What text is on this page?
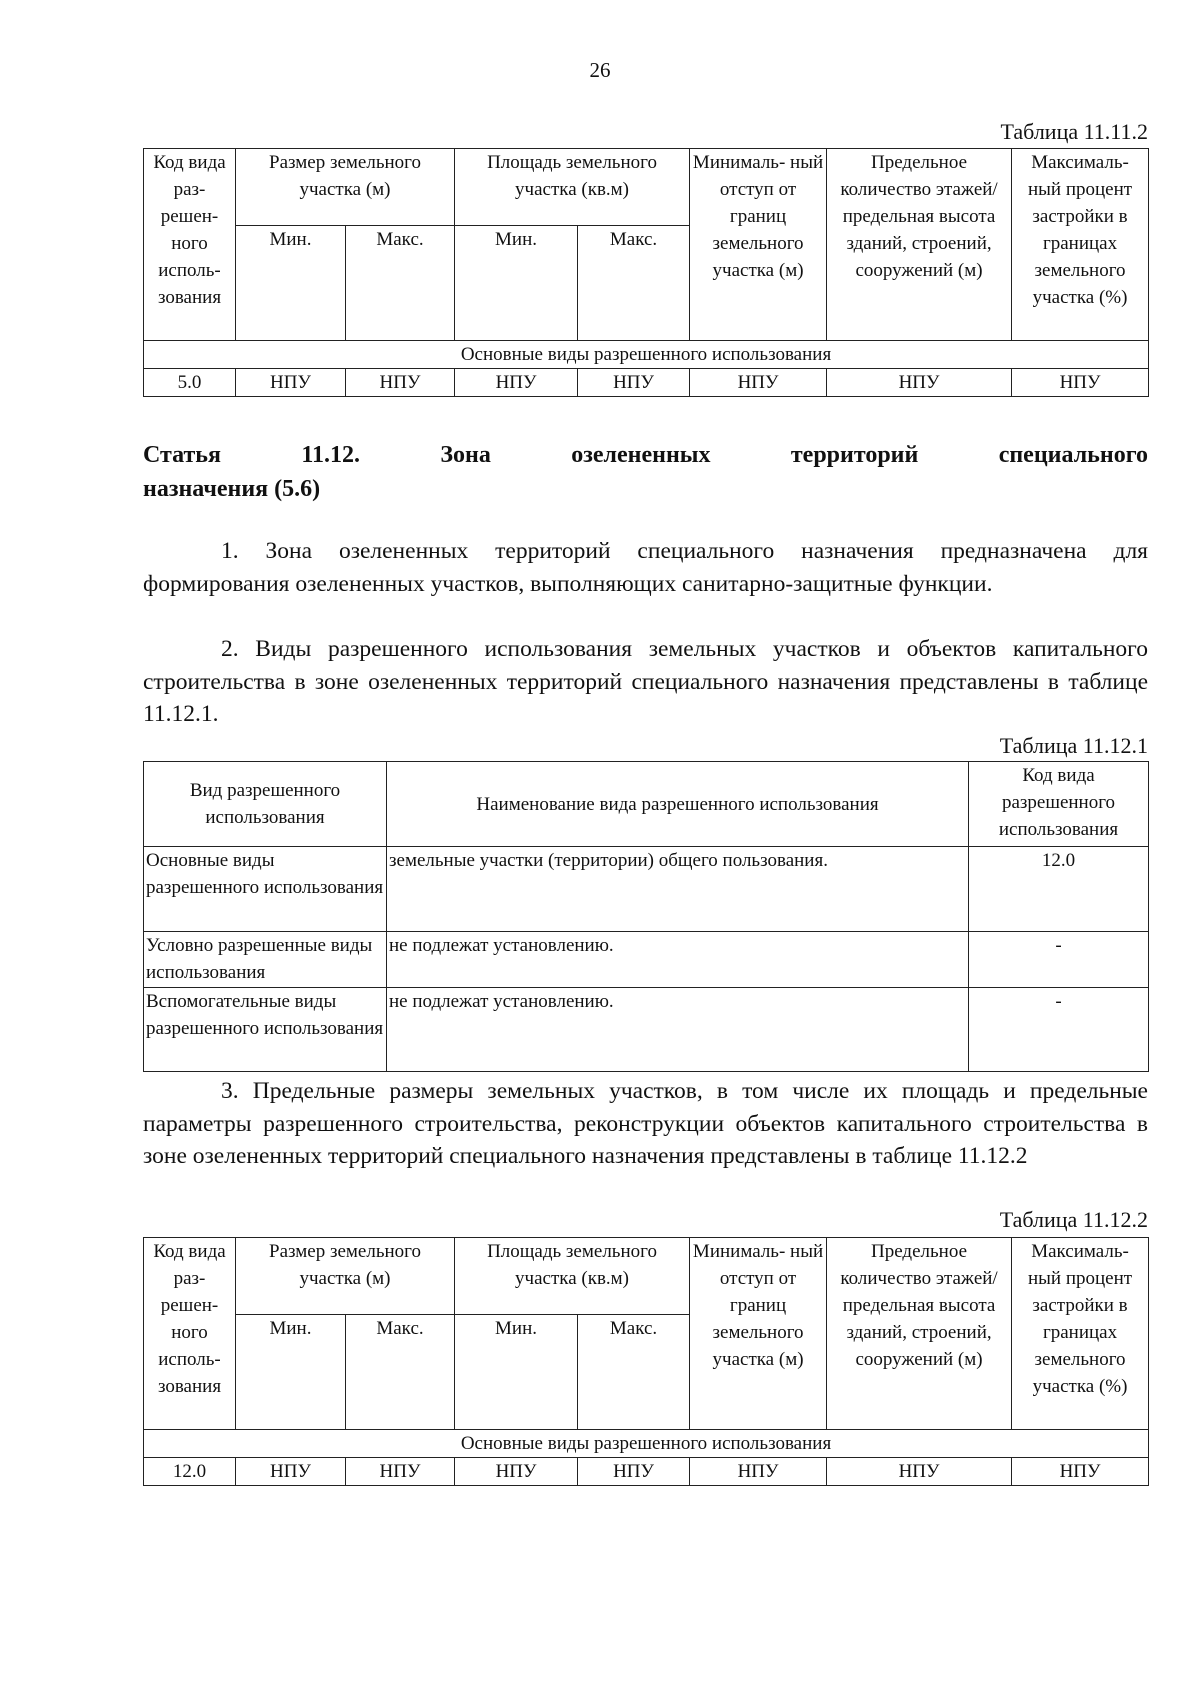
26
Таблица 11.11.2
Код вида раз- решен- ного исполь- зования	Размер земельного участка (м)		Площадь земельного участка (кв.м)		Минималь- ный отступ от границ земельного участка (м)	Предельное количество этажей/ предельная высота зданий, строений, сооружений (м)	Максималь- ный процент застройки в границах земельного участка (%)
	Мин.	Макс.	Мин.	Макс.			
Основные виды разрешенного использования							
5.0	НПУ	НПУ	НПУ	НПУ	НПУ	НПУ	НПУ
Статья 11.12. Зона озелененных территорий специального
назначения (5.6)
1. Зона озелененных территорий специального назначения предназначена для формирования озелененных участков, выполняющих санитарно-защитные функции.
2. Виды разрешенного использования земельных участков и объектов капитального строительства в зоне озелененных территорий специального назначения представлены в таблице 11.12.1.
Таблица 11.12.1
Вид разрешенного использования	Наименование вида разрешенного использования	Код вида разрешенного использования
Основные виды разрешенного использования	земельные участки (территории) общего пользования.	12.0
Условно разрешенные виды использования	не подлежат установлению.	-
Вспомогательные виды разрешенного использования	не подлежат установлению.	-
3. Предельные размеры земельных участков, в том числе их площадь и предельные параметры разрешенного строительства, реконструкции объектов капитального строительства в зоне озелененных территорий специального назначения представлены в таблице 11.12.2
Таблица 11.12.2
Код вида раз- решен- ного исполь- зования	Размер земельного участка (м)		Площадь земельного участка (кв.м)		Минималь- ный отступ от границ земельного участка (м)	Предельное количество этажей/ предельная высота зданий, строений, сооружений (м)	Максималь- ный процент застройки в границах земельного участка (%)
	Мин.	Макс.	Мин.	Макс.			
Основные виды разрешенного использования							
12.0	НПУ	НПУ	НПУ	НПУ	НПУ	НПУ	НПУ
